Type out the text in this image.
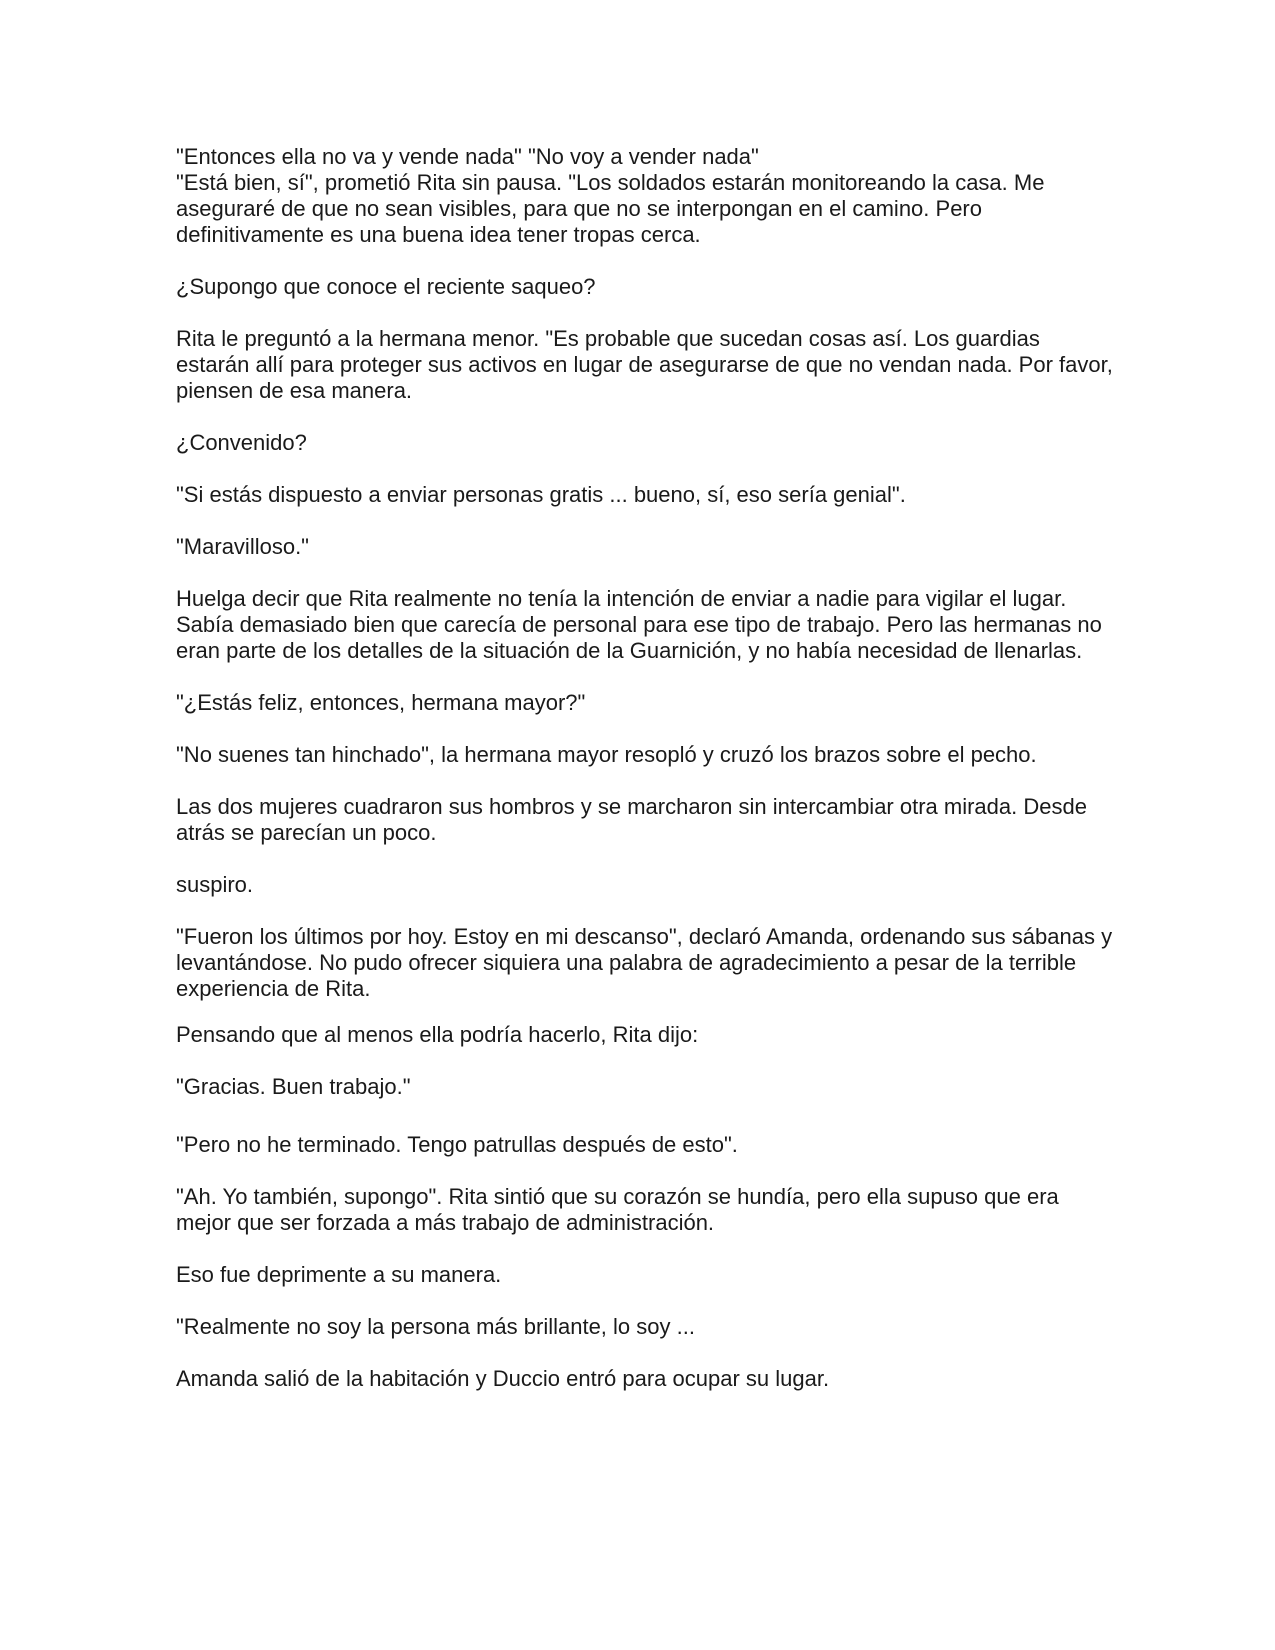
"Entonces ella no va y vende nada" "No voy a vender nada"

"Está bien, sí", prometió Rita sin pausa. "Los soldados estarán monitoreando la casa. Me aseguraré de que no sean visibles, para que no se interpongan en el camino. Pero definitivamente es una buena idea tener tropas cerca.

¿Supongo que conoce el reciente saqueo?

Rita le preguntó a la hermana menor. "Es probable que sucedan cosas así. Los guardias estarán allí para proteger sus activos en lugar de asegurarse de que no vendan nada. Por favor, piensen de esa manera.

¿Convenido?

"Si estás dispuesto a enviar personas gratis ... bueno, sí, eso sería genial".

"Maravilloso."

Huelga decir que Rita realmente no tenía la intención de enviar a nadie para vigilar el lugar. Sabía demasiado bien que carecía de personal para ese tipo de trabajo. Pero las hermanas no eran parte de los detalles de la situación de la Guarnición, y no había necesidad de llenarlas.

"¿Estás feliz, entonces, hermana mayor?"

"No suenes tan hinchado", la hermana mayor resopló y cruzó los brazos sobre el pecho.

Las dos mujeres cuadraron sus hombros y se marcharon sin intercambiar otra mirada. Desde atrás se parecían un poco.

suspiro.

"Fueron los últimos por hoy. Estoy en mi descanso", declaró Amanda, ordenando sus sábanas y levantándose. No pudo ofrecer siquiera una palabra de agradecimiento a pesar de la terrible experiencia de Rita.

Pensando que al menos ella podría hacerlo, Rita dijo:

"Gracias. Buen trabajo."

"Pero no he terminado. Tengo patrullas después de esto".

"Ah. Yo también, supongo". Rita sintió que su corazón se hundía, pero ella supuso que era mejor que ser forzada a más trabajo de administración.

Eso fue deprimente a su manera.

"Realmente no soy la persona más brillante, lo soy ...

Amanda salió de la habitación y Duccio entró para ocupar su lugar.
